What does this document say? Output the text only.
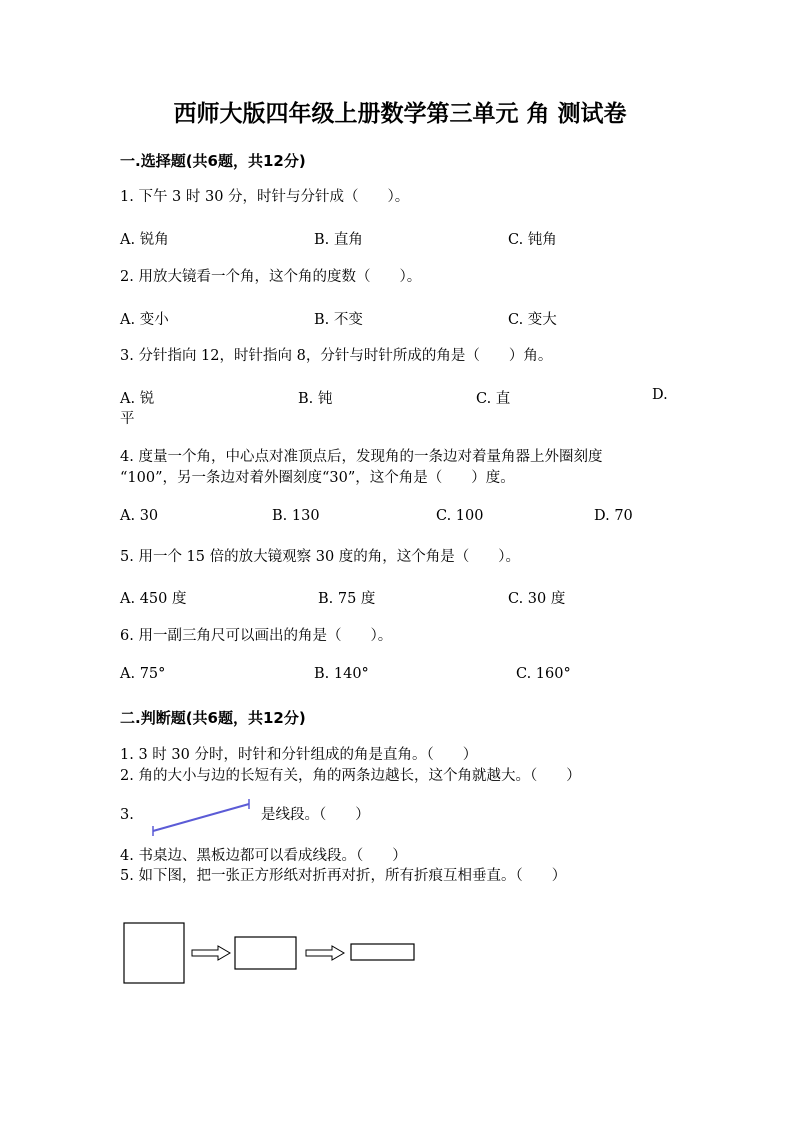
西师大版四年级上册数学第三单元 角 测试卷
一.选择题(共6题，共12分)
1. 下午 3 时 30 分，时针与分针成（　　）。
A. 锐角	B. 直角	C. 钝角
2. 用放大镜看一个角，这个角的度数（　　）。
A. 变小	B. 不变	C. 变大
3. 分针指向 12，时针指向 8，分针与时针所成的角是（　　）角。
A. 锐	B. 钝	C. 直	D.
平
4. 度量一个角，中心点对准顶点后，发现角的一条边对着量角器上外圈刻度
“100”，另一条边对着外圈刻度“30”，这个角是（　　）度。
A. 30	B. 130	C. 100	D. 70
5. 用一个 15 倍的放大镜观察 30 度的角，这个角是（　　）。
A. 450 度	B. 75 度	C. 30 度
6. 用一副三角尺可以画出的角是（　　）。
A. 75°	B. 140°	C. 160°
二.判断题(共6题，共12分)
1. 3 时 30 分时，时针和分针组成的角是直角。（　　）
2. 角的大小与边的长短有关，角的两条边越长，这个角就越大。（　　）
3.	是线段。（　　）
4. 书桌边、黑板边都可以看成线段。（　　）
5. 如下图，把一张正方形纸对折再对折，所有折痕互相垂直。（　　）
